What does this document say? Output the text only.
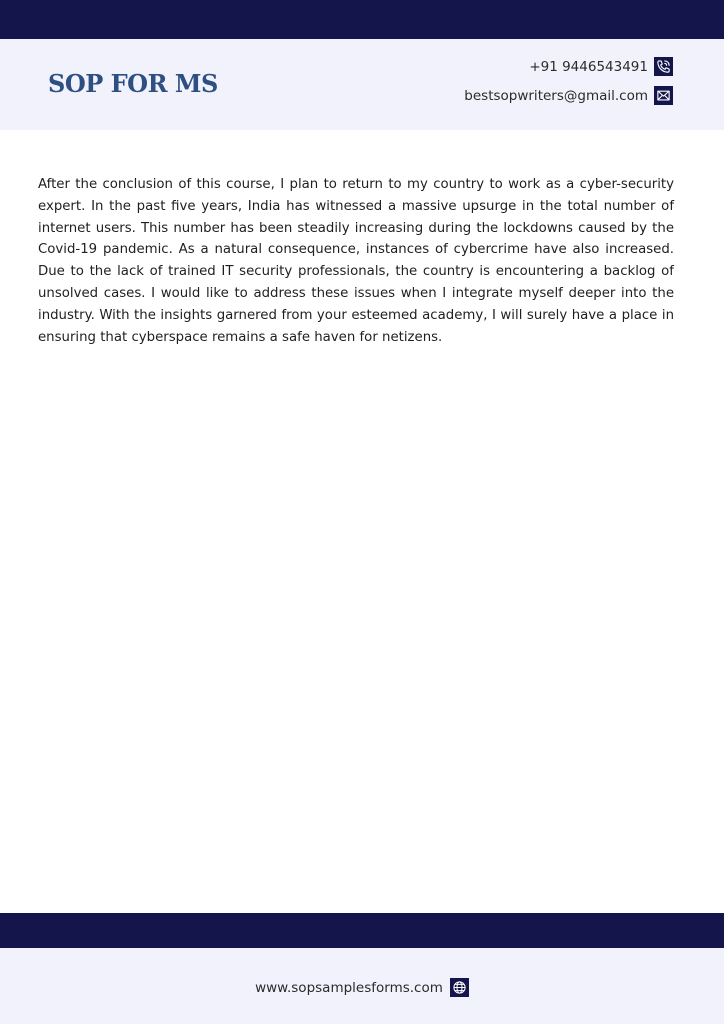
SOP FOR MS
+91 9446543491
bestsopwriters@gmail.com

After the conclusion of this course, I plan to return to my country to work as a cyber-security expert. In the past five years, India has witnessed a massive upsurge in the total number of internet users. This number has been steadily increasing during the lockdowns caused by the Covid-19 pandemic. As a natural consequence, instances of cybercrime have also increased. Due to the lack of trained IT security professionals, the country is encountering a backlog of unsolved cases. I would like to address these issues when I integrate myself deeper into the industry. With the insights garnered from your esteemed academy, I will surely have a place in ensuring that cyberspace remains a safe haven for netizens.

www.sopsamplesforms.com
